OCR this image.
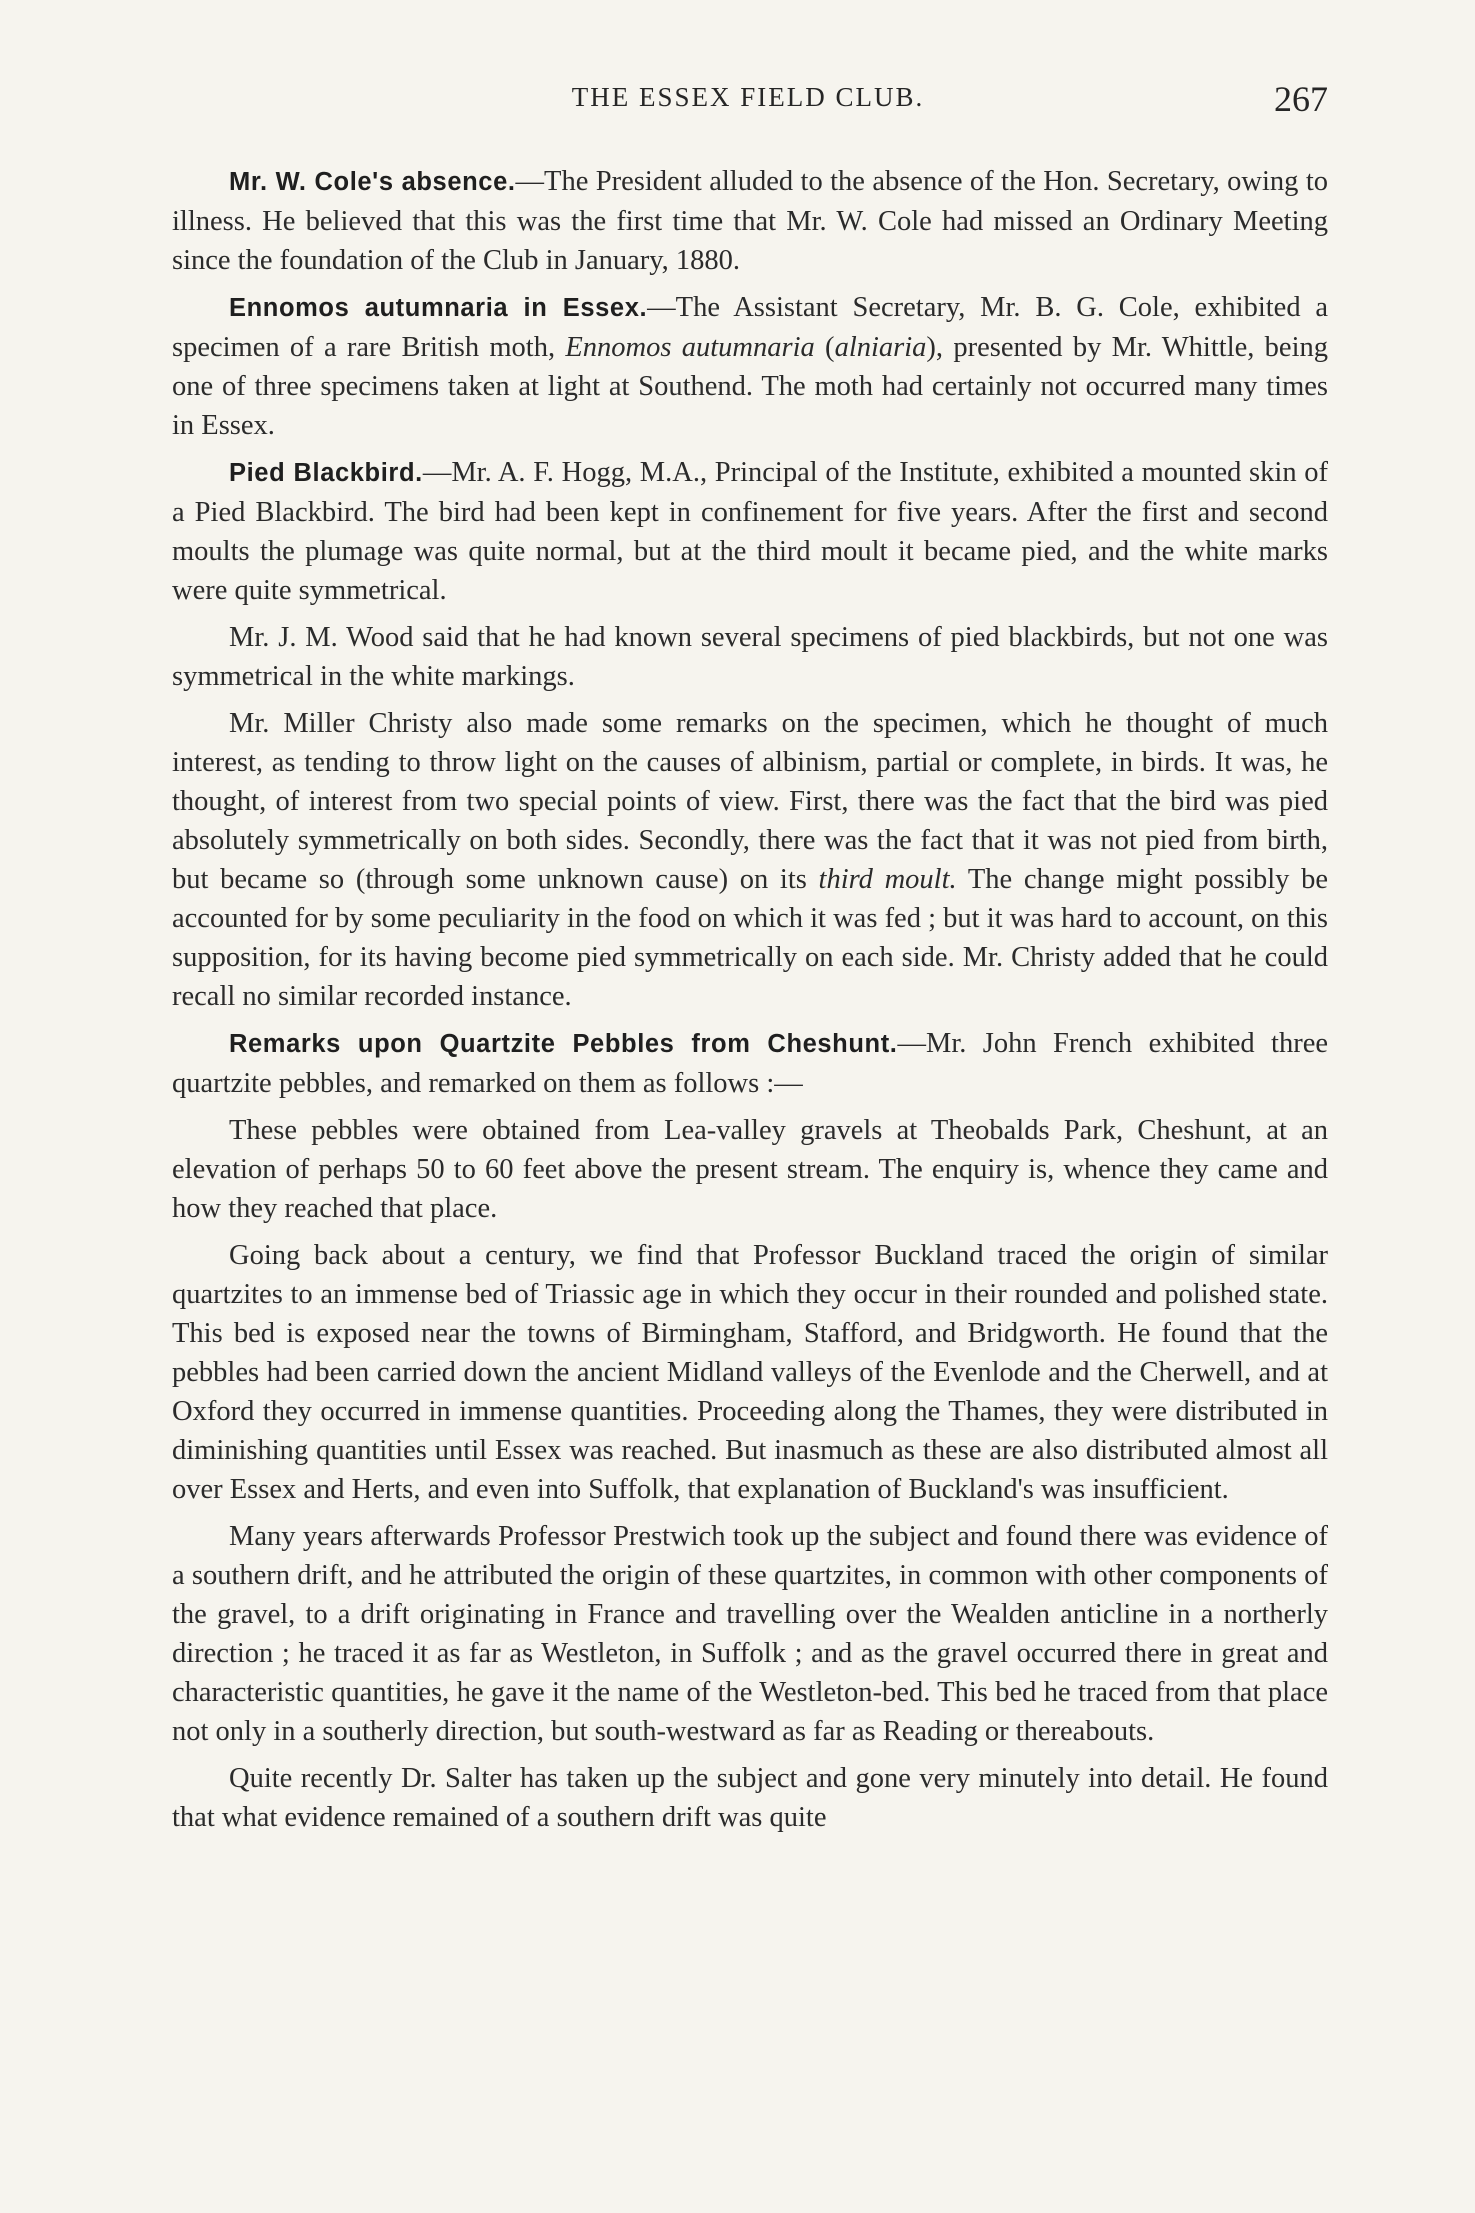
THE ESSEX FIELD CLUB.	267

Mr. W. Cole's absence.—The President alluded to the absence of the Hon. Secretary, owing to illness. He believed that this was the first time that Mr. W. Cole had missed an Ordinary Meeting since the foundation of the Club in January, 1880.

Ennomos autumnaria in Essex.—The Assistant Secretary, Mr. B. G. Cole, exhibited a specimen of a rare British moth, Ennomos autumnaria (alniaria), presented by Mr. Whittle, being one of three specimens taken at light at Southend. The moth had certainly not occurred many times in Essex.

Pied Blackbird.—Mr. A. F. Hogg, M.A., Principal of the Institute, exhibited a mounted skin of a Pied Blackbird. The bird had been kept in confinement for five years. After the first and second moults the plumage was quite normal, but at the third moult it became pied, and the white marks were quite symmetrical.

Mr. J. M. Wood said that he had known several specimens of pied blackbirds, but not one was symmetrical in the white markings.

Mr. Miller Christy also made some remarks on the specimen, which he thought of much interest, as tending to throw light on the causes of albinism, partial or complete, in birds. It was, he thought, of interest from two special points of view. First, there was the fact that the bird was pied absolutely symmetrically on both sides. Secondly, there was the fact that it was not pied from birth, but became so (through some unknown cause) on its third moult. The change might possibly be accounted for by some peculiarity in the food on which it was fed ; but it was hard to account, on this supposition, for its having become pied symmetrically on each side. Mr. Christy added that he could recall no similar recorded instance.

Remarks upon Quartzite Pebbles from Cheshunt.—Mr. John French exhibited three quartzite pebbles, and remarked on them as follows :—

These pebbles were obtained from Lea-valley gravels at Theobalds Park, Cheshunt, at an elevation of perhaps 50 to 60 feet above the present stream. The enquiry is, whence they came and how they reached that place.

Going back about a century, we find that Professor Buckland traced the origin of similar quartzites to an immense bed of Triassic age in which they occur in their rounded and polished state. This bed is exposed near the towns of Birmingham, Stafford, and Bridgworth. He found that the pebbles had been carried down the ancient Midland valleys of the Evenlode and the Cherwell, and at Oxford they occurred in immense quantities. Proceeding along the Thames, they were distributed in diminishing quantities until Essex was reached. But inasmuch as these are also distributed almost all over Essex and Herts, and even into Suffolk, that explanation of Buckland's was insufficient.

Many years afterwards Professor Prestwich took up the subject and found there was evidence of a southern drift, and he attributed the origin of these quartzites, in common with other components of the gravel, to a drift originating in France and travelling over the Wealden anticline in a northerly direction ; he traced it as far as Westleton, in Suffolk ; and as the gravel occurred there in great and characteristic quantities, he gave it the name of the Westleton-bed. This bed he traced from that place not only in a southerly direction, but south-westward as far as Reading or thereabouts.

Quite recently Dr. Salter has taken up the subject and gone very minutely into detail. He found that what evidence remained of a southern drift was quite
